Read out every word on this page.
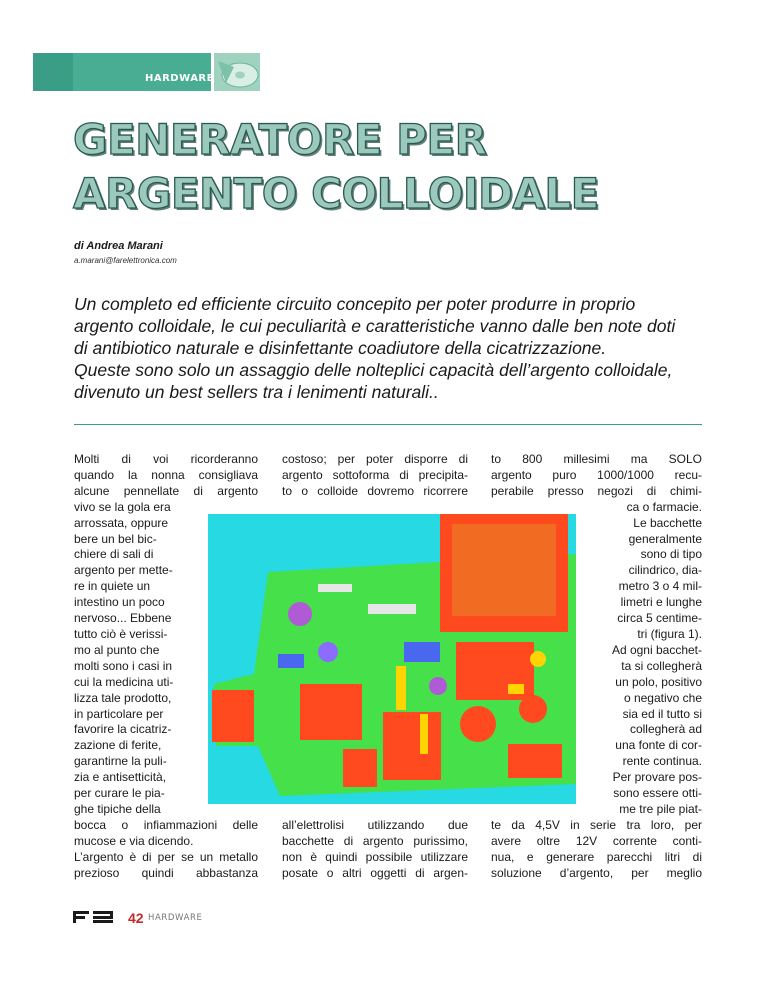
HARDWARE
GENERATORE PER
ARGENTO COLLOIDALE
di Andrea Marani
a.marani@farelettronica.com
Un completo ed efficiente circuito concepito per poter produrre in proprio
argento colloidale, le cui peculiarità e caratteristiche vanno dalle ben note doti
di antibiotico naturale e disinfettante coadiutore della cicatrizzazione.
Queste sono solo un assaggio delle nolteplici capacità dell’argento colloidale,
divenuto un best sellers tra i lenimenti naturali..
Molti di voi ricorderanno
quando la nonna consigliava
alcune pennellate di argento
vivo se la gola era
arrossata, oppure
bere un bel bic-
chiere di sali di
argento per mette-
re in quiete un
intestino un poco
nervoso... Ebbene
tutto ciò è verissi-
mo al punto che
molti sono i casi in
cui la medicina uti-
lizza tale prodotto,
in particolare per
favorire la cicatriz-
zazione di ferite,
garantirne la puli-
zia e antisetticità,
per curare le pia-
ghe tipiche della
bocca o infiammazioni delle
mucose e via dicendo.
L’argento è di per se un metallo
prezioso quindi abbastanza
costoso; per poter disporre di
argento sottoforma di precipita-
to o colloide dovremo ricorrere
all’elettrolisi utilizzando due
bacchette di argento purissimo,
non è quindi possibile utilizzare
posate o altri oggetti di argen-
to 800 millesimi ma SOLO
argento puro 1000/1000 recu-
perabile presso negozi di chimi-
ca o farmacie.
Le bacchette
generalmente
sono di tipo
cilindrico, dia-
metro 3 o 4 mil-
limetri e lunghe
circa 5 centime-
tri (figura 1).
Ad ogni bacchet-
ta si collegherà
un polo, positivo
o negativo che
sia ed il tutto si
collegherà ad
una fonte di cor-
rente continua.
Per provare pos-
sono essere otti-
me tre pile piat-
te da 4,5V in serie tra loro, per
avere oltre 12V corrente conti-
nua, e generare parecchi litri di
soluzione d’argento, per meglio
42 HARDWARE
